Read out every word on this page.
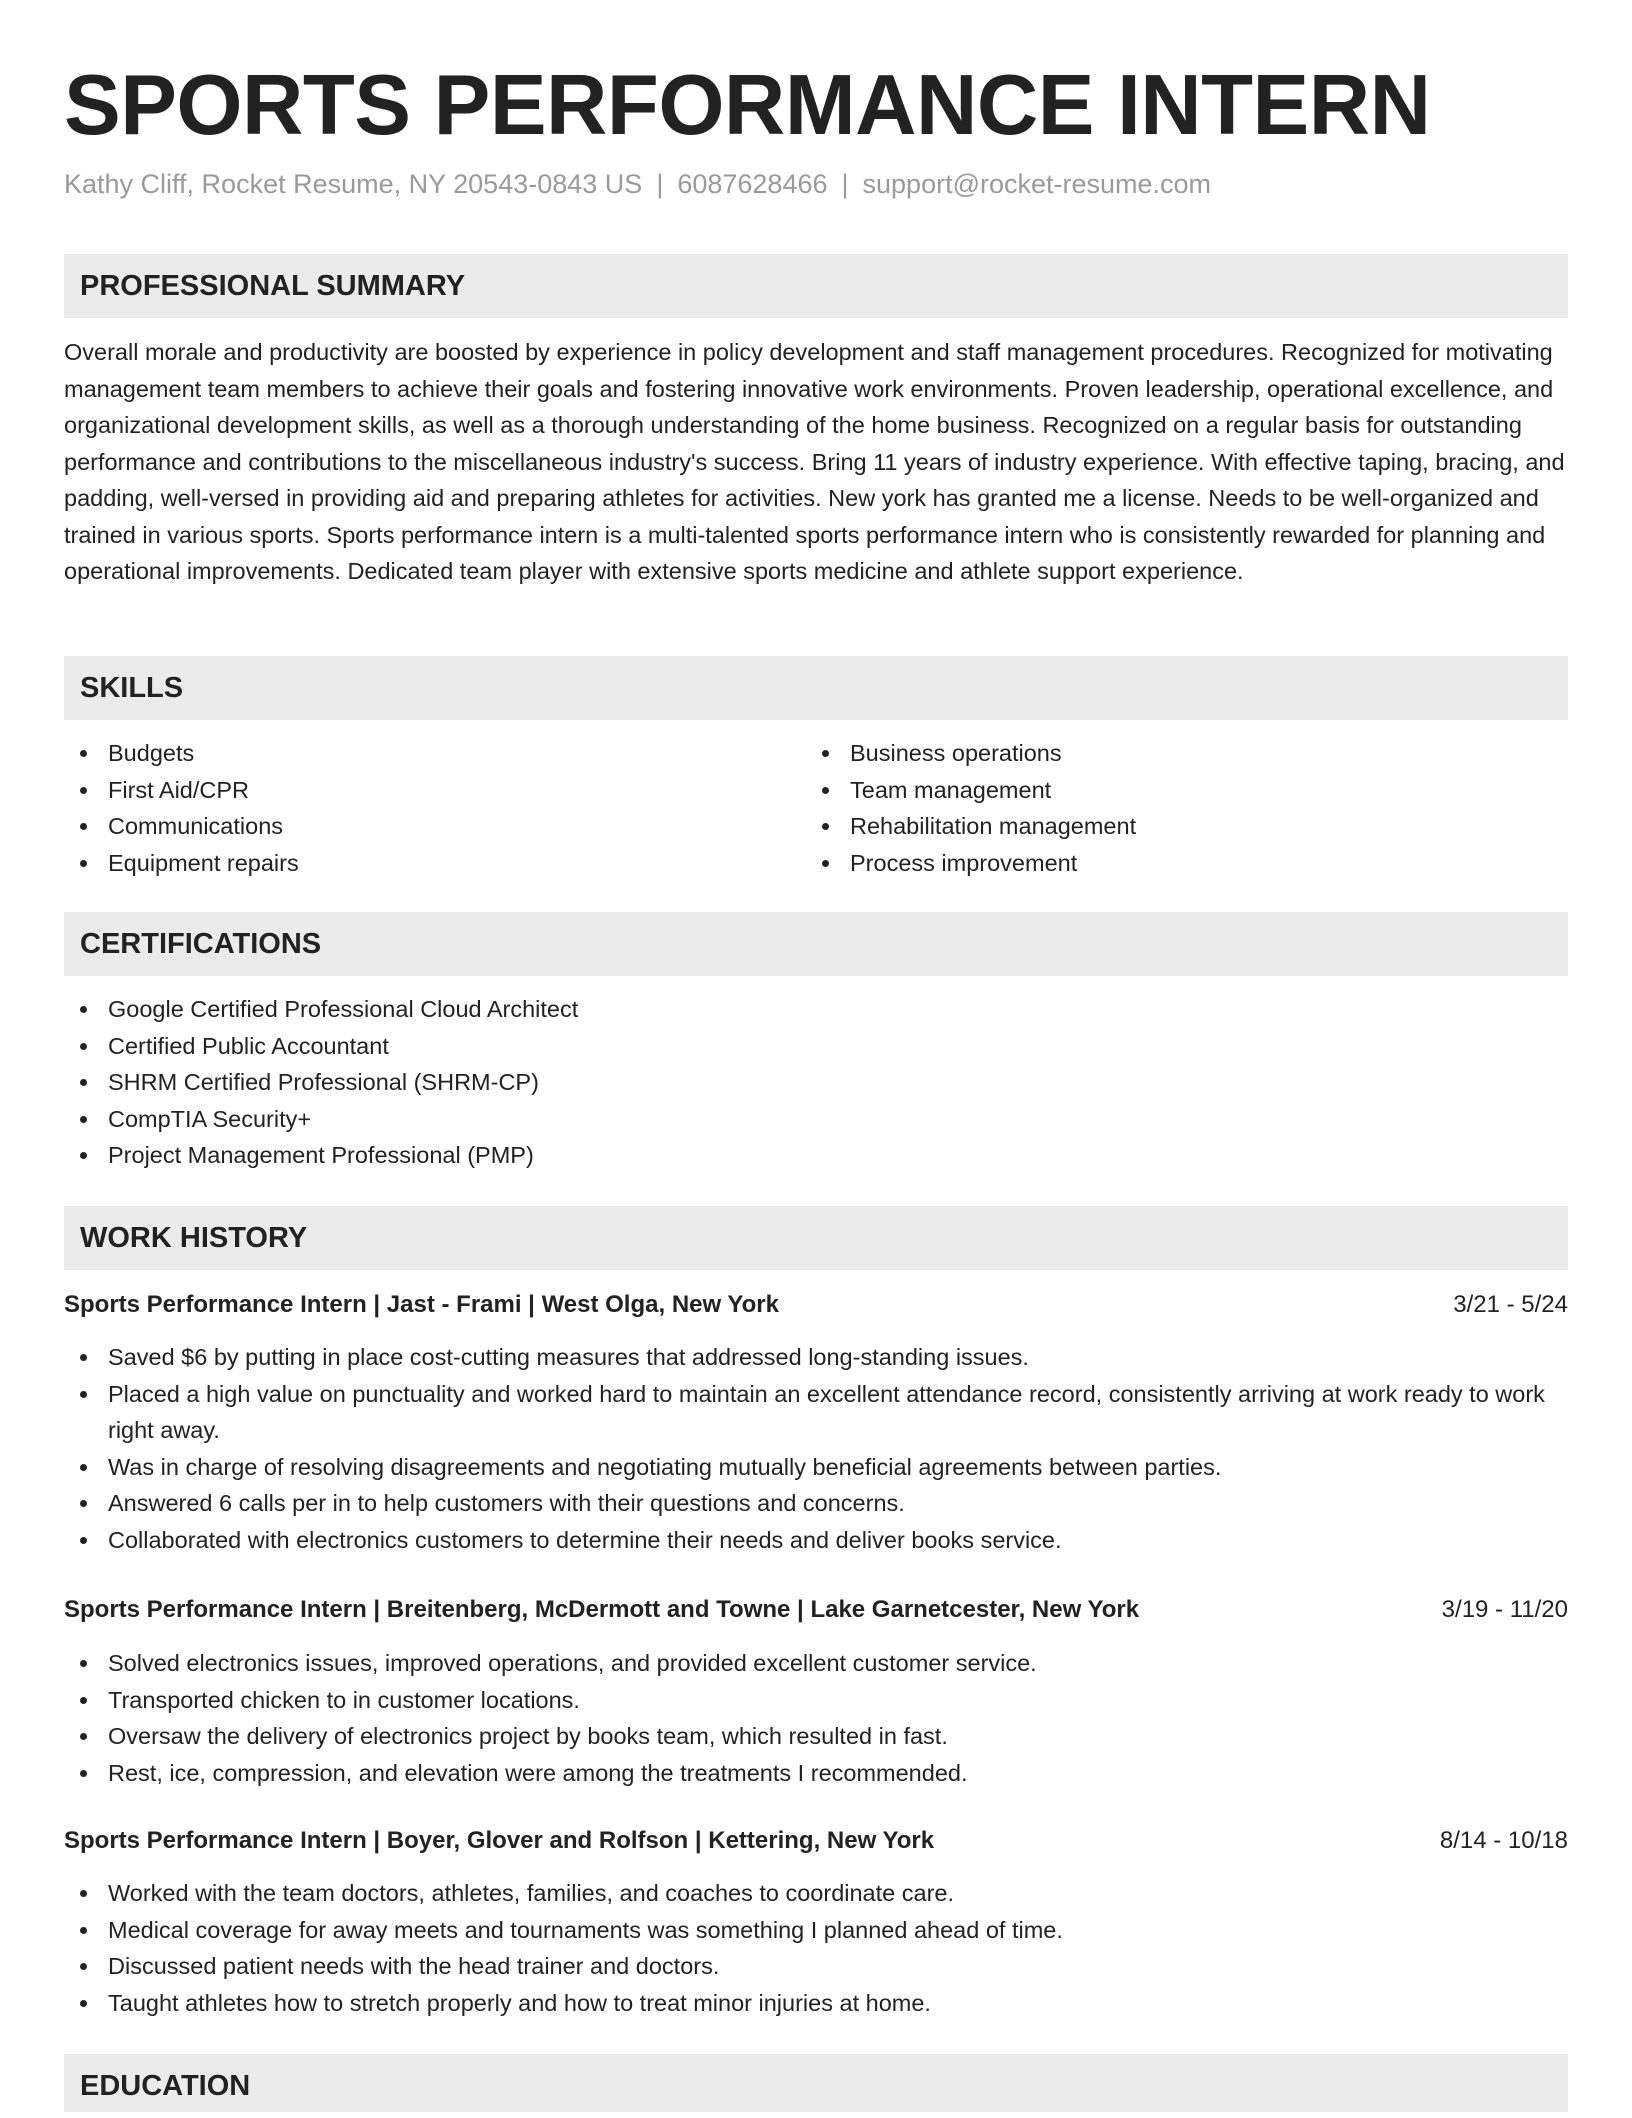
SPORTS PERFORMANCE INTERN
Kathy Cliff, Rocket Resume, NY 20543-0843 US | 6087628466 | support@rocket-resume.com
PROFESSIONAL SUMMARY

Overall morale and productivity are boosted by experience in policy development and staff management procedures. Recognized for motivating management team members to achieve their goals and fostering innovative work environments. Proven leadership, operational excellence, and organizational development skills, as well as a thorough understanding of the home business. Recognized on a regular basis for outstanding performance and contributions to the miscellaneous industry's success. Bring 11 years of industry experience. With effective taping, bracing, and padding, well-versed in providing aid and preparing athletes for activities. New york has granted me a license. Needs to be well-organized and trained in various sports. Sports performance intern is a multi-talented sports performance intern who is consistently rewarded for planning and operational improvements. Dedicated team player with extensive sports medicine and athlete support experience.

SKILLS
Budgets
First Aid/CPR
Communications
Equipment repairs
Business operations
Team management
Rehabilitation management
Process improvement
CERTIFICATIONS
Google Certified Professional Cloud Architect
Certified Public Accountant
SHRM Certified Professional (SHRM-CP)
CompTIA Security+
Project Management Professional (PMP)
WORK HISTORY
Sports Performance Intern | Jast - Frami | West Olga, New York	3/21 - 5/24
Saved $6 by putting in place cost-cutting measures that addressed long-standing issues.
Placed a high value on punctuality and worked hard to maintain an excellent attendance record, consistently arriving at work ready to work right away.
Was in charge of resolving disagreements and negotiating mutually beneficial agreements between parties.
Answered 6 calls per in to help customers with their questions and concerns.
Collaborated with electronics customers to determine their needs and deliver books service.
Sports Performance Intern | Breitenberg, McDermott and Towne | Lake Garnetcester, New York	3/19 - 11/20
Solved electronics issues, improved operations, and provided excellent customer service.
Transported chicken to in customer locations.
Oversaw the delivery of electronics project by books team, which resulted in fast.
Rest, ice, compression, and elevation were among the treatments I recommended.
Sports Performance Intern | Boyer, Glover and Rolfson | Kettering, New York	8/14 - 10/18
Worked with the team doctors, athletes, families, and coaches to coordinate care.
Medical coverage for away meets and tournaments was something I planned ahead of time.
Discussed patient needs with the head trainer and doctors.
Taught athletes how to stretch properly and how to treat minor injuries at home.
EDUCATION
